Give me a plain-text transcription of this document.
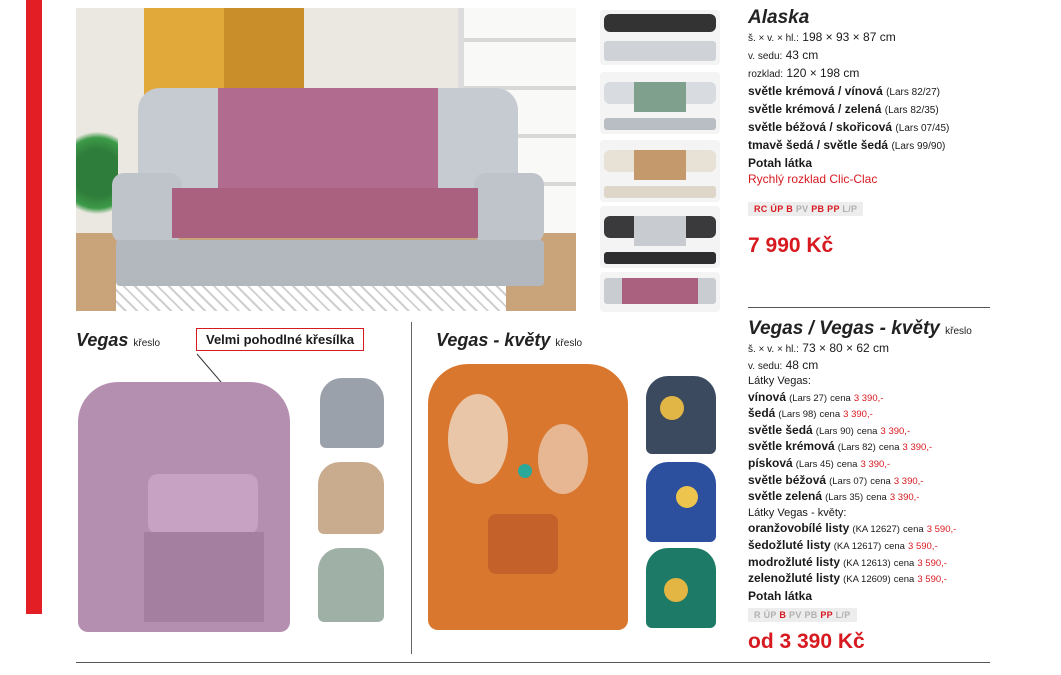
Alaska
š. × v. × hl.: 198 × 93 × 87 cm
v. sedu: 43 cm
rozklad: 120 × 198 cm
světle krémová / vínová (Lars 82/27)
světle krémová / zelená (Lars 82/35)
světle béžová / skořicová (Lars 07/45)
tmavě šedá / světle šedá (Lars 99/90)
Potah látka
Rychlý rozklad Clic-Clac
RC ÚP B PV PB PP L/P
7 990 Kč
Vegas křeslo	Velmi pohodlné křesílka	Vegas - květy křeslo
Vegas / Vegas - květy křeslo
š. × v. × hl.: 73 × 80 × 62 cm
v. sedu: 48 cm
Látky Vegas:
vínová (Lars 27) cena 3 390,-
šedá (Lars 98) cena 3 390,-
světle šedá (Lars 90) cena 3 390,-
světle krémová (Lars 82) cena 3 390,-
písková (Lars 45) cena 3 390,-
světle béžová (Lars 07) cena 3 390,-
světle zelená (Lars 35) cena 3 390,-
Látky Vegas - květy:
oranžovobílé listy (KA 12627) cena 3 590,-
šedožluté listy (KA 12617) cena 3 590,-
modrožluté listy (KA 12613) cena 3 590,-
zelenožluté listy (KA 12609) cena 3 590,-
Potah látka
R ÚP B PV PB PP L/P
od 3 390 Kč
